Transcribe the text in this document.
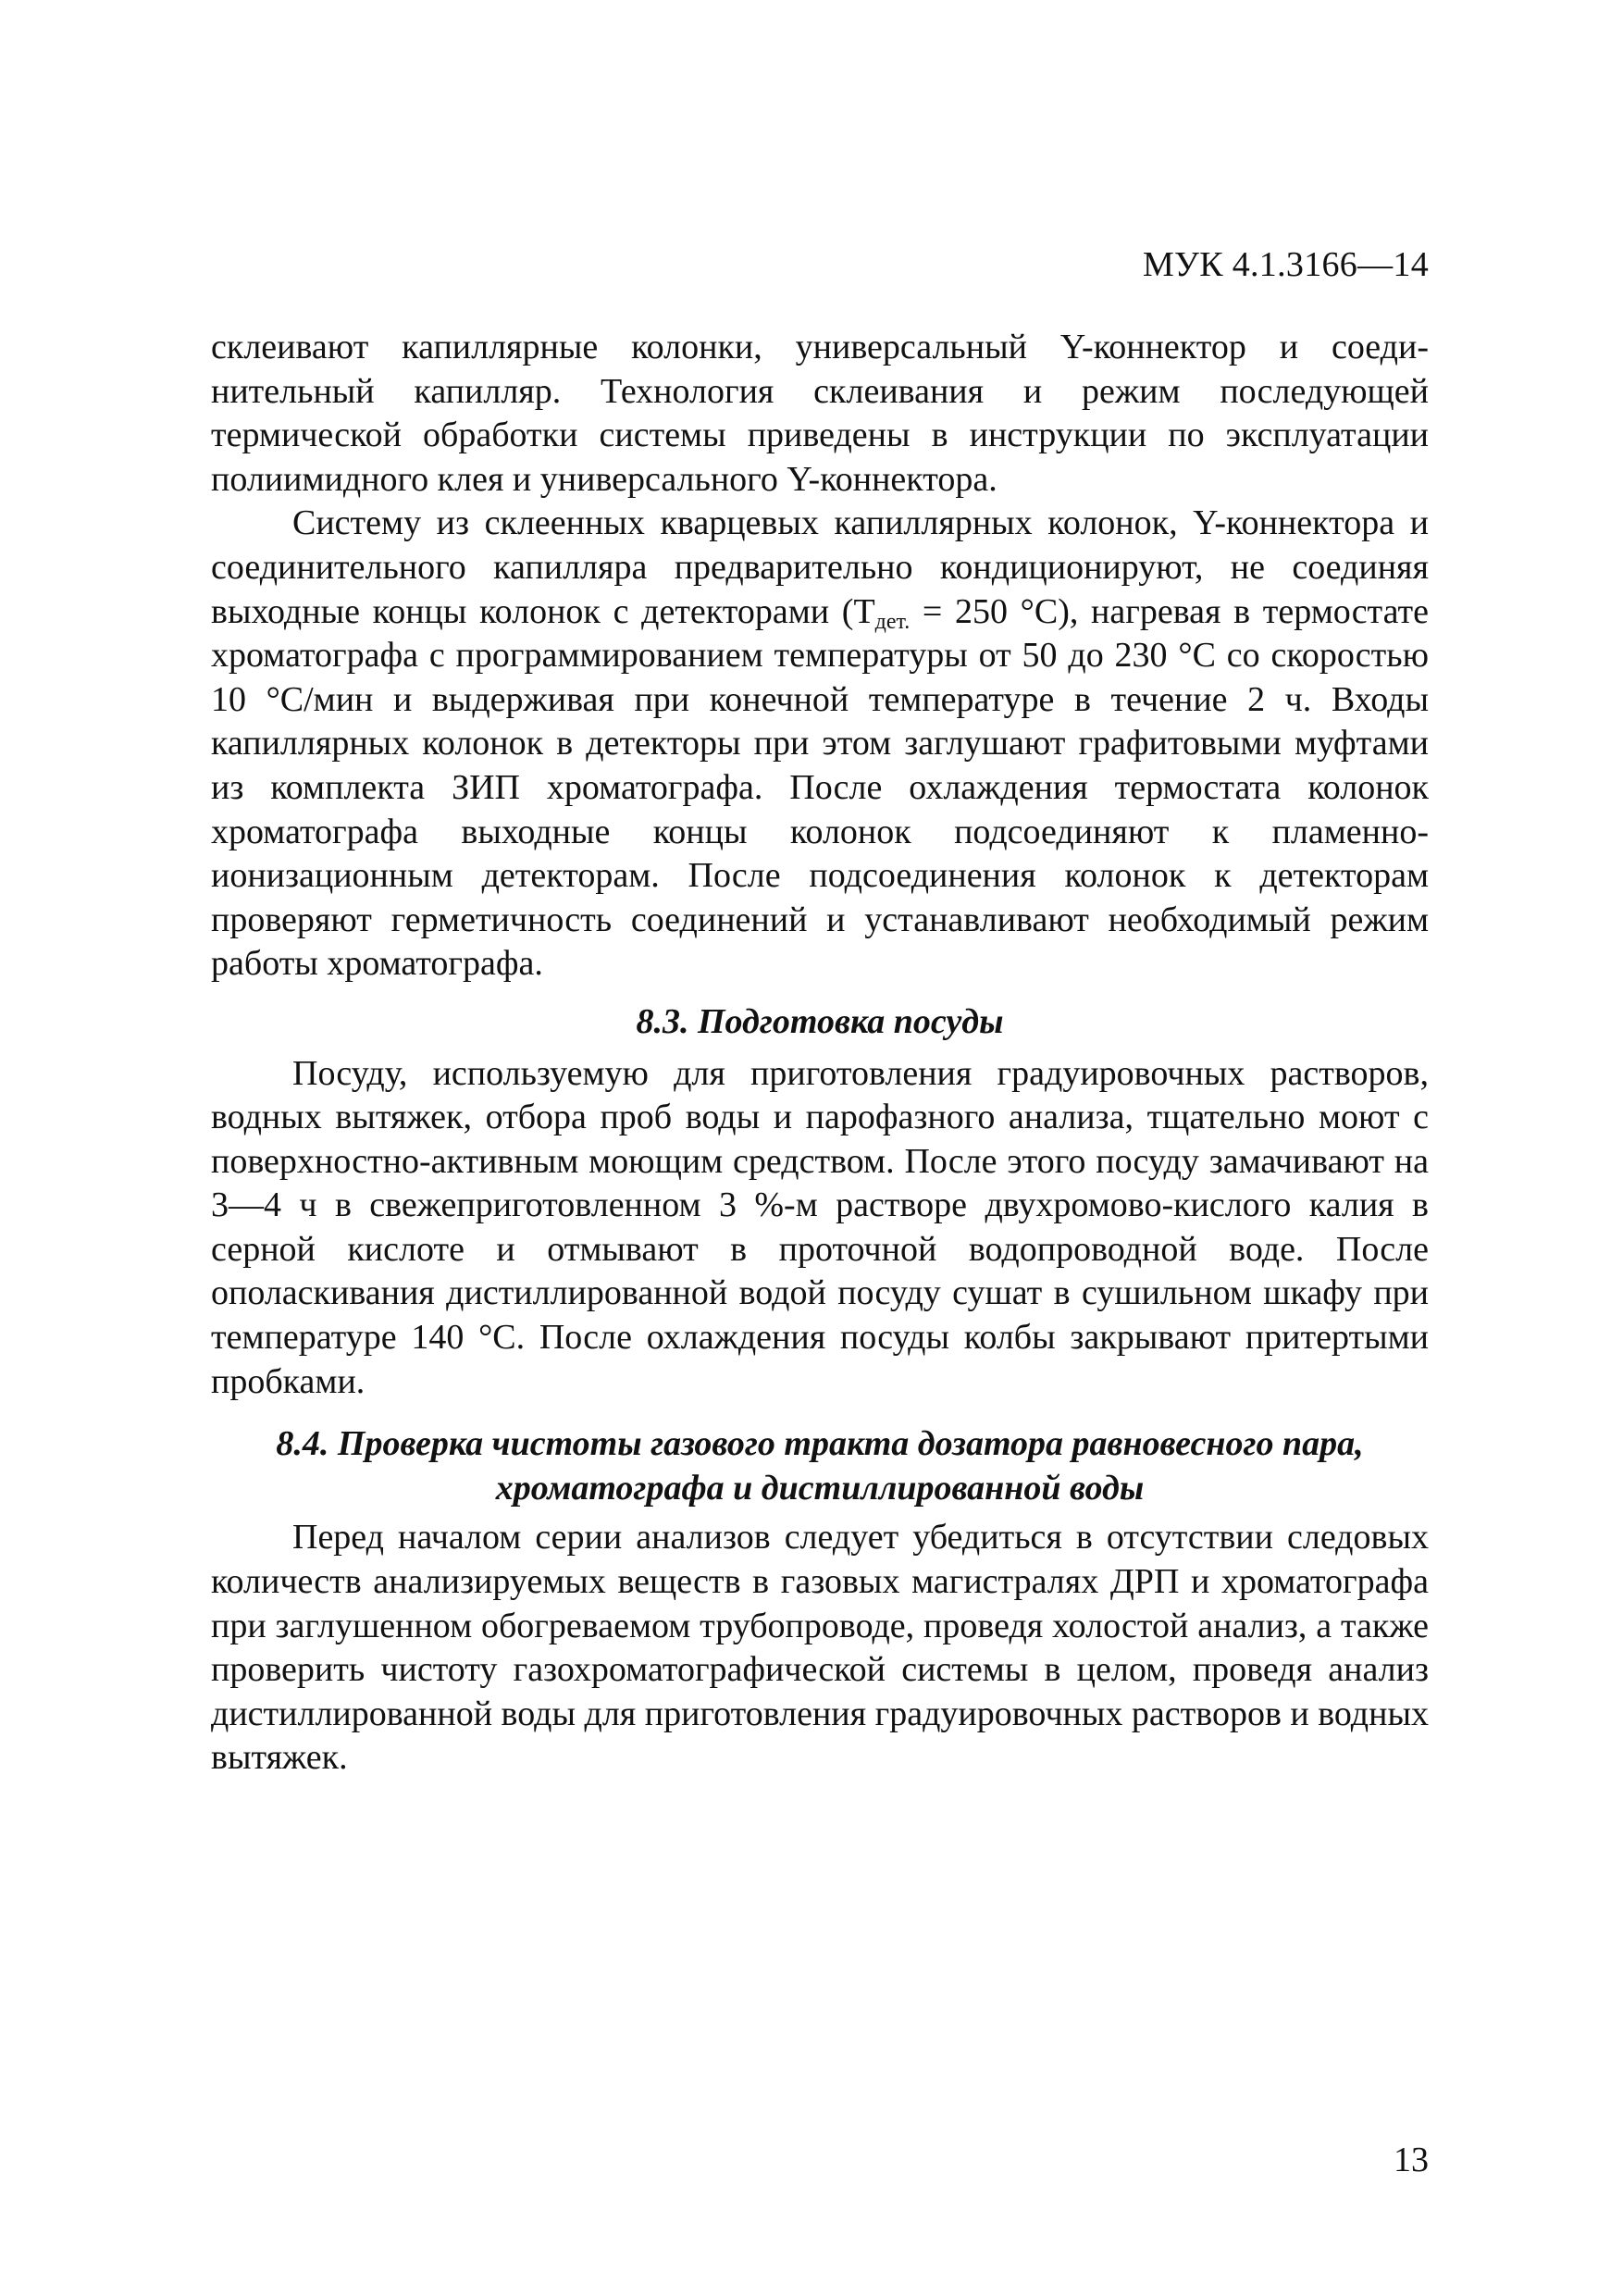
МУК 4.1.3166—14

склеивают капиллярные колонки, универсальный Y-коннектор и соединительный капилляр. Технология склеивания и режим последующей термической обработки системы приведены в инструкции по эксплуатации полиимидного клея и универсального Y-коннектора.

Систему из склеенных кварцевых капиллярных колонок, Y-коннектора и соединительного капилляра предварительно кондиционируют, не соединяя выходные концы колонок с детекторами ($Т_{дет.} = 250$ °С), нагревая в термостате хроматографа с программированием температуры от 50 до 230 °С со скоростью 10 °С/мин и выдерживая при конечной температуре в течение 2 ч. Входы капиллярных колонок в детекторы при этом заглушают графитовыми муфтами из комплекта ЗИП хроматографа. После охлаждения термостата колонок хроматографа выходные концы колонок подсоединяют к пламенно-ионизационным детекторам. После подсоединения колонок к детекторам проверяют герметичность соединений и устанавливают необходимый режим работы хроматографа.

8.3. Подготовка посуды

Посуду, используемую для приготовления градуировочных растворов, водных вытяжек, отбора проб воды и парофазного анализа, тщательно моют с поверхностно-активным моющим средством. После этого посуду замачивают на 3—4 ч в свежеприготовленном 3 %-м растворе двухромово-кислого калия в серной кислоте и отмывают в проточной водопроводной воде. После ополаскивания дистиллированной водой посуду сушат в сушильном шкафу при температуре 140 °С. После охлаждения посуды колбы закрывают притертыми пробками.

8.4. Проверка чистоты газового тракта дозатора равновесного пара,
хроматографа и дистиллированной воды

Перед началом серии анализов следует убедиться в отсутствии следовых количеств анализируемых веществ в газовых магистралях ДРП и хроматографа при заглушенном обогреваемом трубопроводе, проведя холостой анализ, а также проверить чистоту газохроматографической системы в целом, проведя анализ дистиллированной воды для приготовления градуировочных растворов и водных вытяжек.

13
